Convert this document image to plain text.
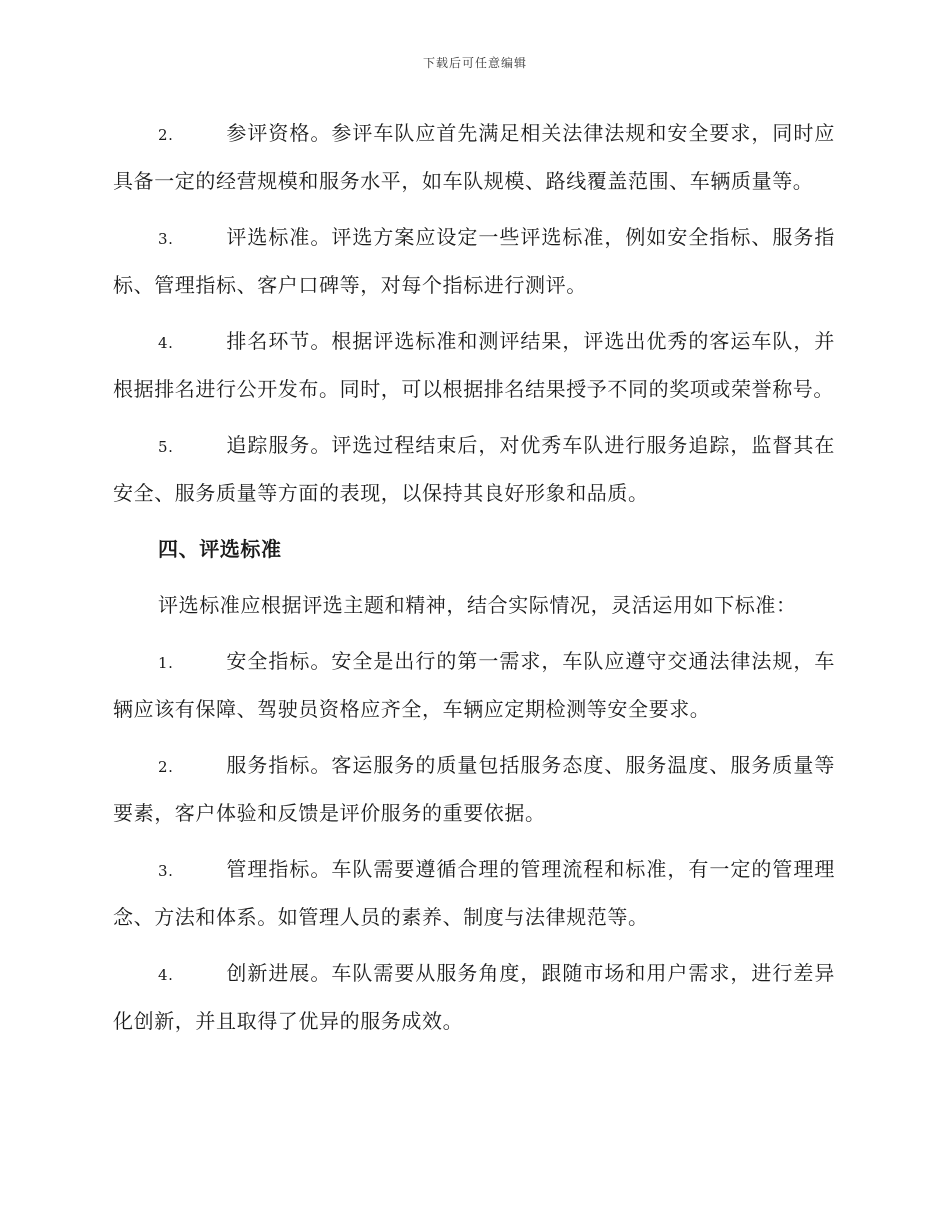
下载后可任意编辑

2.	参评资格。参评车队应首先满足相关法律法规和安全要求，同时应具备一定的经营规模和服务水平，如车队规模、路线覆盖范围、车辆质量等。

3.	评选标准。评选方案应设定一些评选标准，例如安全指标、服务指标、管理指标、客户口碑等，对每个指标进行测评。

4.	排名环节。根据评选标准和测评结果，评选出优秀的客运车队，并根据排名进行公开发布。同时，可以根据排名结果授予不同的奖项或荣誉称号。

5.	追踪服务。评选过程结束后，对优秀车队进行服务追踪，监督其在安全、服务质量等方面的表现，以保持其良好形象和品质。

四、评选标准

评选标准应根据评选主题和精神，结合实际情况，灵活运用如下标准：

1.	安全指标。安全是出行的第一需求，车队应遵守交通法律法规，车辆应该有保障、驾驶员资格应齐全，车辆应定期检测等安全要求。

2.	服务指标。客运服务的质量包括服务态度、服务温度、服务质量等要素，客户体验和反馈是评价服务的重要依据。

3.	管理指标。车队需要遵循合理的管理流程和标准，有一定的管理理念、方法和体系。如管理人员的素养、制度与法律规范等。

4.	创新进展。车队需要从服务角度，跟随市场和用户需求，进行差异化创新，并且取得了优异的服务成效。
